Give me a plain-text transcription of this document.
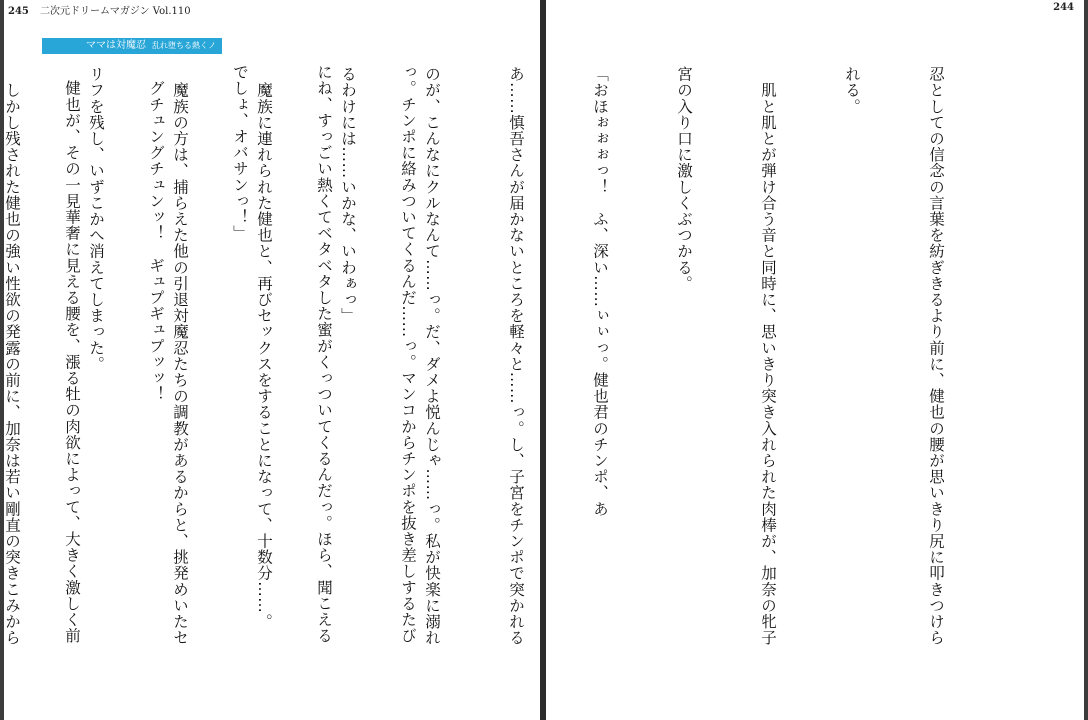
245 二次元ドリームマガジン Vol.110
ママは対魔忍 乱れ堕ちる熱くノ

っ。チンポに絡みついてくるんだ……っ。マンコからチンポを抜き差しするたび

にね、すっごい熱くてベタベタした蜜がくっついてくるんだっ。ほら、聞こえる

でしょ、オバサンっ！」

　グチュングチュンッ！　ギュプギュプッッ！

　健也が、その一見華奢に見える腰を、漲る牡の肉欲によって、大きく激しく前

244

忍としての信念の言葉を紡ぎきるより前に、健也の腰が思いきり尻に叩きつけら

れる。

　肌と肌とが弾け合う音と同時に、思いきり突き入れられた肉棒が、加奈の牝子

宮の入り口に激しくぶつかる。

「おほぉぉぉっ！　ふ、深い……ぃぃっ。健也君のチンポ、あ

あ……慎吾さんが届かないところを軽々と……っ。し、子宮をチンポで突かれる

のが、こんなにクルなんて……っ。だ、ダメよ悦んじゃ……っ。私が快楽に溺れ

るわけには……いかな、いわぁっ」

　魔族に連れられた健也と、再びセックスをすることになって、十数分……。

　魔族の方は、捕らえた他の引退対魔忍たちの調教があるからと、挑発めいたセ

リフを残し、いずこかへ消えてしまった。

　しかし残された健也の強い性欲の発露の前に、加奈は若い剛直の突きこみから
